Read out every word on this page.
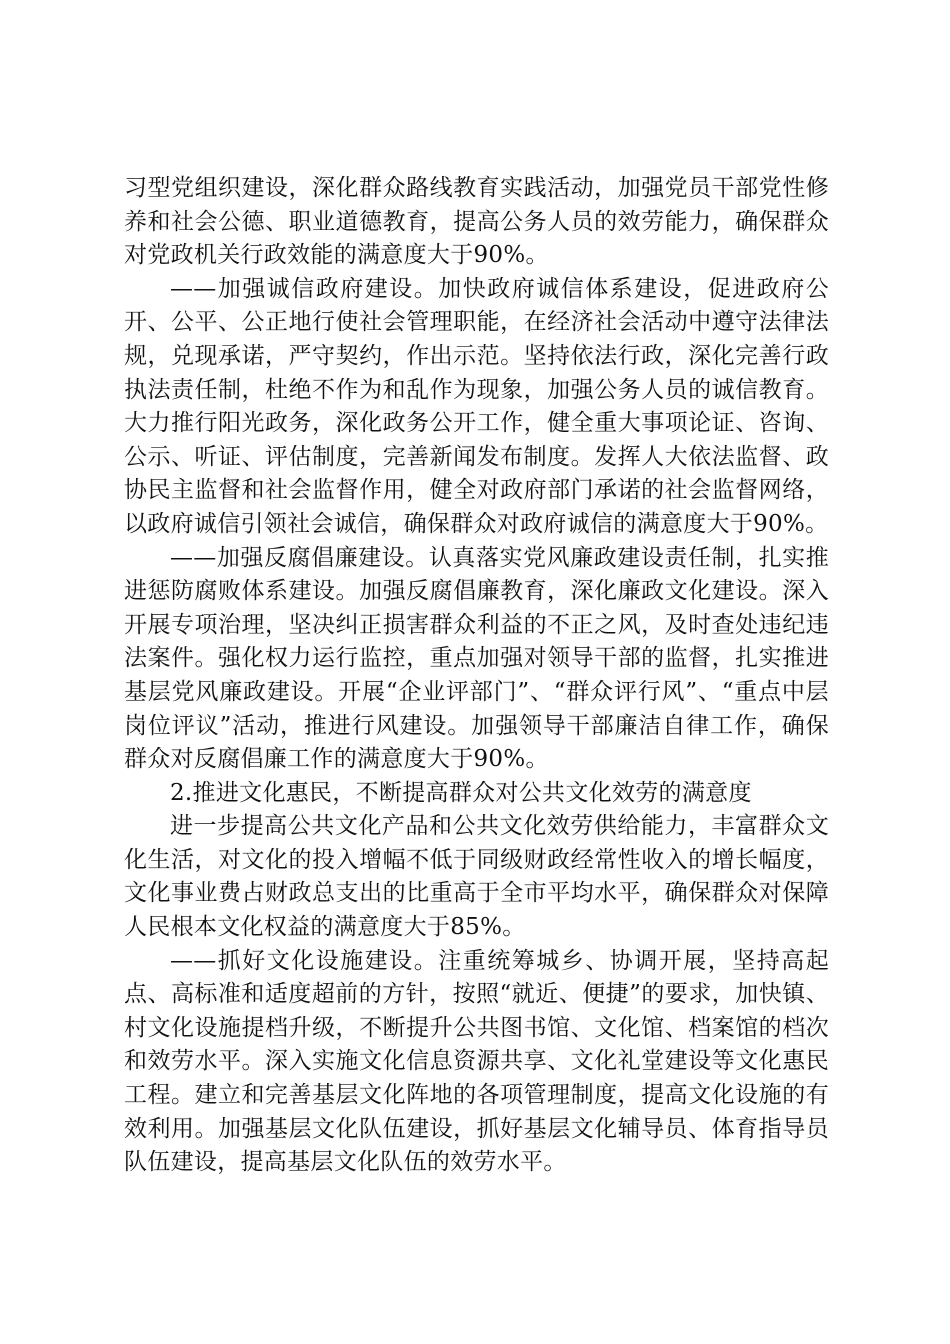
习型党组织建设，深化群众路线教育实践活动，加强党员干部党性修养和社会公德、职业道德教育，提高公务人员的效劳能力，确保群众对党政机关行政效能的满意度大于90%。

——加强诚信政府建设。加快政府诚信体系建设，促进政府公开、公平、公正地行使社会管理职能，在经济社会活动中遵守法律法规，兑现承诺，严守契约，作出示范。坚持依法行政，深化完善行政执法责任制，杜绝不作为和乱作为现象，加强公务人员的诚信教育。大力推行阳光政务，深化政务公开工作，健全重大事项论证、咨询、公示、听证、评估制度，完善新闻发布制度。发挥人大依法监督、政协民主监督和社会监督作用，健全对政府部门承诺的社会监督网络，以政府诚信引领社会诚信，确保群众对政府诚信的满意度大于90%。

——加强反腐倡廉建设。认真落实党风廉政建设责任制，扎实推进惩防腐败体系建设。加强反腐倡廉教育，深化廉政文化建设。深入开展专项治理，坚决纠正损害群众利益的不正之风，及时查处违纪违法案件。强化权力运行监控，重点加强对领导干部的监督，扎实推进基层党风廉政建设。开展“企业评部门”、“群众评行风”、“重点中层岗位评议”活动，推进行风建设。加强领导干部廉洁自律工作，确保群众对反腐倡廉工作的满意度大于90%。

2.推进文化惠民，不断提高群众对公共文化效劳的满意度

进一步提高公共文化产品和公共文化效劳供给能力，丰富群众文化生活，对文化的投入增幅不低于同级财政经常性收入的增长幅度，文化事业费占财政总支出的比重高于全市平均水平，确保群众对保障人民根本文化权益的满意度大于85%。

——抓好文化设施建设。注重统筹城乡、协调开展，坚持高起点、高标准和适度超前的方针，按照“就近、便捷”的要求，加快镇、村文化设施提档升级，不断提升公共图书馆、文化馆、档案馆的档次和效劳水平。深入实施文化信息资源共享、文化礼堂建设等文化惠民工程。建立和完善基层文化阵地的各项管理制度，提高文化设施的有效利用。加强基层文化队伍建设，抓好基层文化辅导员、体育指导员队伍建设，提高基层文化队伍的效劳水平。
